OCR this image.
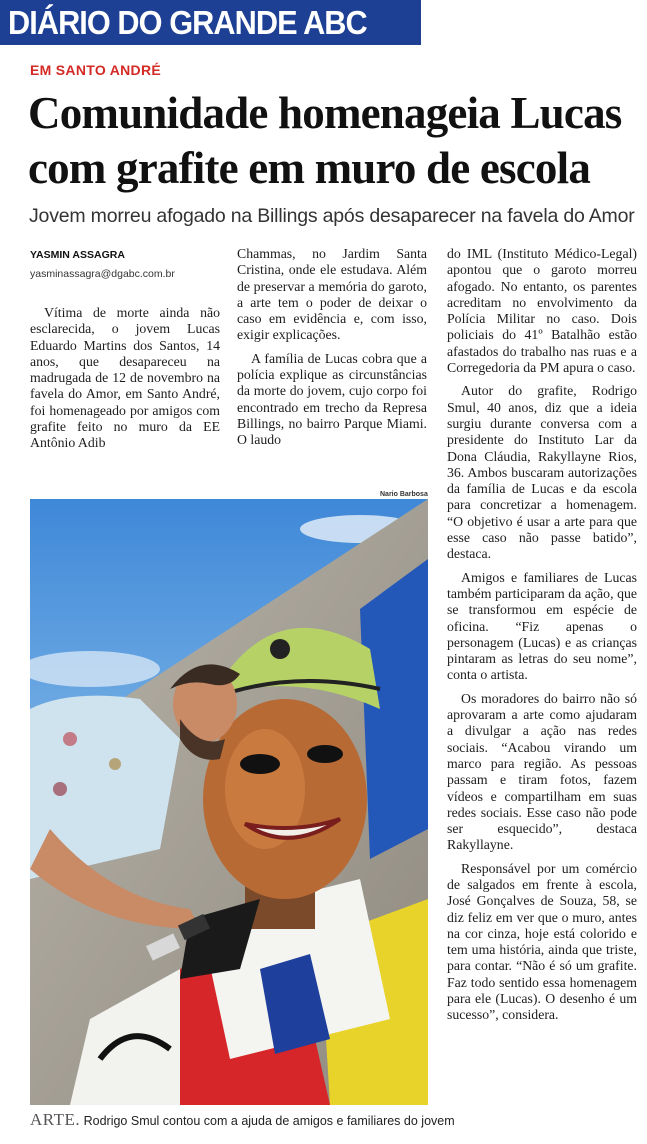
DIÁRIO DO GRANDE ABC
EM SANTO ANDRÉ
Comunidade homenageia Lucas
com grafite em muro de escola
Jovem morreu afogado na Billings após desaparecer na favela do Amor
YASMIN ASSAGRA
yasminassagra@dgabc.com.br

Vítima de morte ainda não esclarecida, o jovem Lucas Eduardo Martins dos Santos, 14 anos, que desapareceu na madrugada de 12 de novembro na favela do Amor, em Santo André, foi homenageado por amigos com grafite feito no muro da EE Antônio Adib

Chammas, no Jardim Santa Cristina, onde ele estudava. Além de preservar a memória do garoto, a arte tem o poder de deixar o caso em evidência e, com isso, exigir explicações.

A família de Lucas cobra que a polícia explique as circunstâncias da morte do jovem, cujo corpo foi encontrado em trecho da Represa Billings, no bairro Parque Miami. O laudo

do IML (Instituto Médico-Legal) apontou que o garoto morreu afogado. No entanto, os parentes acreditam no envolvimento da Polícia Militar no caso. Dois policiais do 41º Batalhão estão afastados do trabalho nas ruas e a Corregedoria da PM apura o caso.

Autor do grafite, Rodrigo Smul, 40 anos, diz que a ideia surgiu durante conversa com a presidente do Instituto Lar da Dona Cláudia, Rakyllayne Rios, 36. Ambos buscaram autorizações da família de Lucas e da escola para concretizar a homenagem. “O objetivo é usar a arte para que esse caso não passe batido”, destaca.

Amigos e familiares de Lucas também participaram da ação, que se transformou em espécie de oficina. “Fiz apenas o personagem (Lucas) e as crianças pintaram as letras do seu nome”, conta o artista.

Os moradores do bairro não só aprovaram a arte como ajudaram a divulgar a ação nas redes sociais. “Acabou virando um marco para região. As pessoas passam e tiram fotos, fazem vídeos e compartilham em suas redes sociais. Esse caso não pode ser esquecido”, destaca Rakyllayne.

Responsável por um comércio de salgados em frente à escola, José Gonçalves de Souza, 58, se diz feliz em ver que o muro, antes na cor cinza, hoje está colorido e tem uma história, ainda que triste, para contar. “Não é só um grafite. Faz todo sentido essa homenagem para ele (Lucas). O desenho é um sucesso”, considera.

Nario Barbosa
ARTE. Rodrigo Smul contou com a ajuda de amigos e familiares do jovem
